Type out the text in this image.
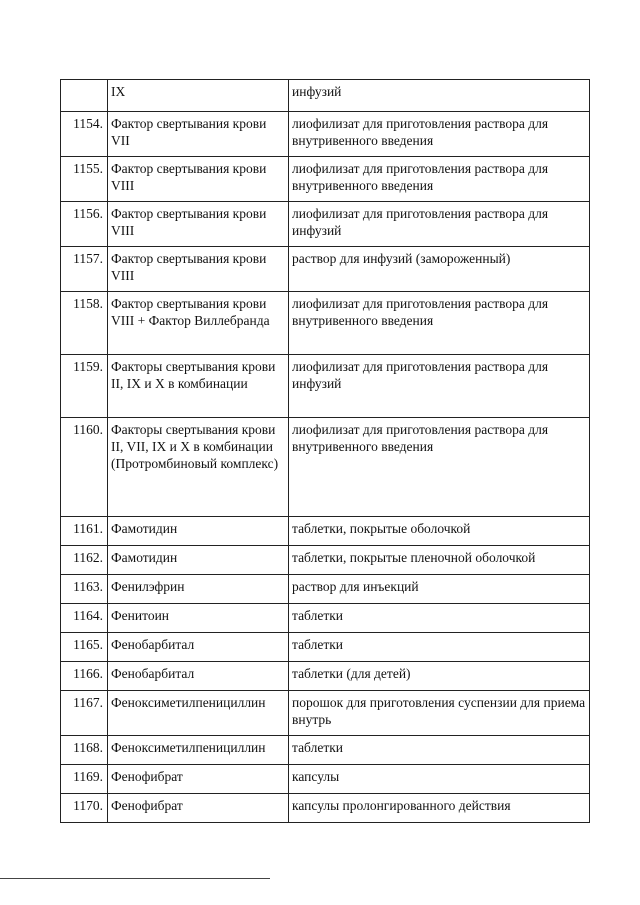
	IX	инфузий
1154.	Фактор свертывания крови VII	лиофилизат для приготовления раствора для внутривенного введения
1155.	Фактор свертывания крови VIII	лиофилизат для приготовления раствора для внутривенного введения
1156.	Фактор свертывания крови VIII	лиофилизат для приготовления раствора для инфузий
1157.	Фактор свертывания крови VIII	раствор для инфузий (замороженный)
1158.	Фактор свертывания крови VIII + Фактор Виллебранда	лиофилизат для приготовления раствора для внутривенного введения
1159.	Факторы свертывания крови II, IX и X в комбинации	лиофилизат для приготовления раствора для инфузий
1160.	Факторы свертывания крови II, VII, IX и X в комбинации (Протромбиновый комплекс)	лиофилизат для приготовления раствора для внутривенного введения
1161.	Фамотидин	таблетки, покрытые оболочкой
1162.	Фамотидин	таблетки, покрытые пленочной оболочкой
1163.	Фенилэфрин	раствор для инъекций
1164.	Фенитоин	таблетки
1165.	Фенобарбитал	таблетки
1166.	Фенобарбитал	таблетки (для детей)
1167.	Феноксиметилпенициллин	порошок для приготовления суспензии для приема внутрь
1168.	Феноксиметилпенициллин	таблетки
1169.	Фенофибрат	капсулы
1170.	Фенофибрат	капсулы пролонгированного действия
